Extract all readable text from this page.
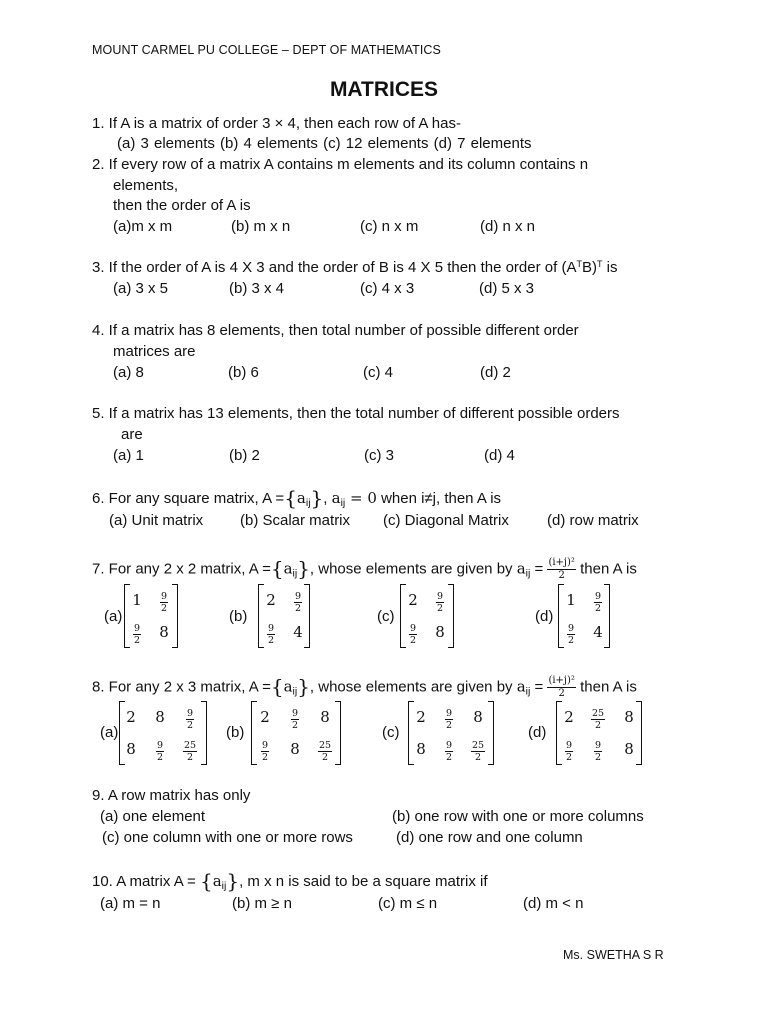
MOUNT CARMEL PU COLLEGE – DEPT OF MATHEMATICS
MATRICES
1. If A is a matrix of order 3 × 4, then each row of A has-
(a) 3 elements (b) 4 elements (c) 12 elements (d) 7 elements
2. If every row of a matrix A contains m elements and its column contains n
elements,
then the order of A is
(a)m x m	(b) m x n	(c) n x m	(d) n x n
3. If the order of A is 4 X 3 and the order of B is 4 X 5 then the order of $(A^TB)^T$ is
(a) 3 x 5	(b) 3 x 4	(c) 4 x 3	(d) 5 x 3
4. If a matrix has 8 elements, then total number of possible different order
matrices are
(a) 8	(b) 6	(c) 4	(d) 2
5. If a matrix has 13 elements, then the total number of different possible orders
are
(a) 1	(b) 2	(c) 3	(d) 4
6. For any square matrix, $A =\{a_{ij}\}$, $a_{ij} = 0$ when i≠j, then A is
(a) Unit matrix (b) Scalar matrix (c) Diagonal Matrix	(d) row matrix
7. For any 2 x 2 matrix, $A =\{a_{ij}\}$, whose elements are given by $a_{ij} = \frac{\text{(i+j)²}}{2}$ then A is
(a)
$1 \frac{9}{2}$
$\frac{9}{2} 8$
(b)
$2 \frac{9}{2}$
$\frac{9}{2} 4$
(c)
$2 \frac{9}{2}$
$\frac{9}{2} 8$
(d)
$1 \frac{9}{2}$
$\frac{9}{2} 4$
8. For any 2 x 3 matrix, $A =\{a_{ij}\}$, whose elements are given by $a_{ij} = \frac{\text{(i+j)²}}{2}$ then A is
(a)
2 $8 \frac{9}{2}$
$8 \frac{9}{2} \frac{25}{2}$
(b)
$2 \frac{9}{2} 8$
$\frac{9}{2} 8 \frac{25}{2}$
(c)
$2 \frac{9}{2} 8$
$8 \frac{9}{2} \frac{25}{2}$
(d)
$2 \frac{25}{2} 8$
$\frac{9}{2} \frac{9}{2} 8$
9. A row matrix has only
(a) one element	(b) one row with one or more columns
(c) one column with one or more rows	(d) one row and one column
10. A matrix $A = \{a_{ij}\}$, m x n is said to be a square matrix if
(a) m = n	(b) m ≥ n	(c) m ≤ n	(d) m < n
Ms. SWETHA S R
